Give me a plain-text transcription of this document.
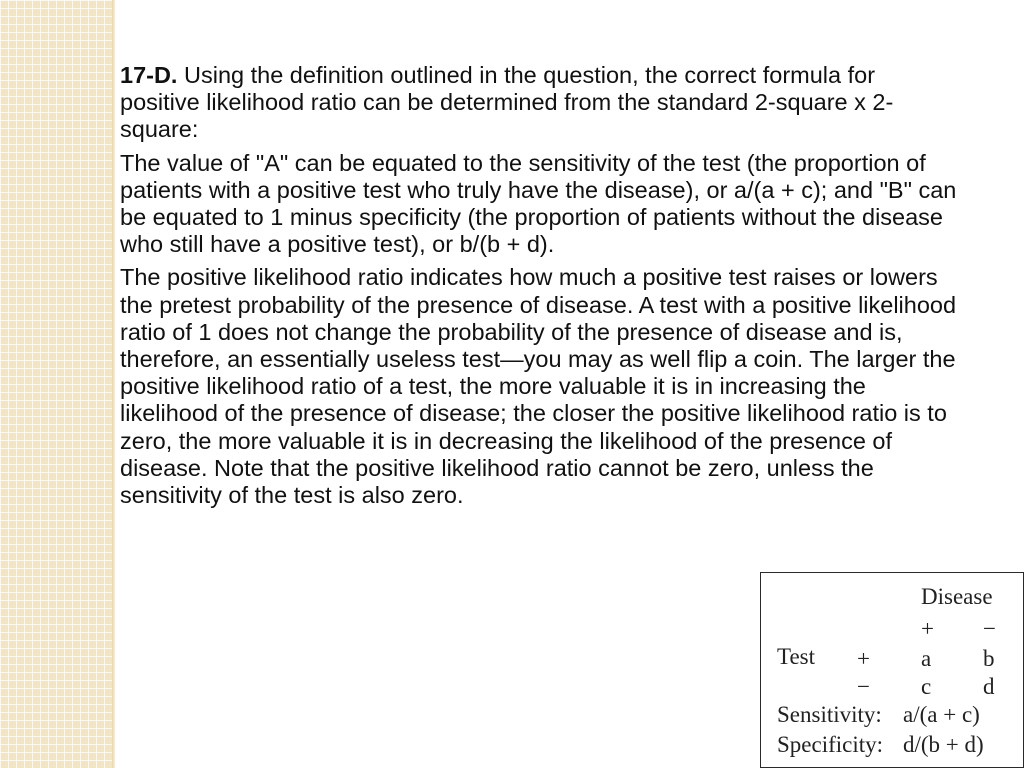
17-D. Using the definition outlined in the question, the correct formula for positive likelihood ratio can be determined from the standard 2-square x 2-square:

The value of "A" can be equated to the sensitivity of the test (the proportion of patients with a positive test who truly have the disease), or a/(a + c); and "B" can be equated to 1 minus specificity (the proportion of patients without the disease who still have a positive test), or b/(b + d).

The positive likelihood ratio indicates how much a positive test raises or lowers the pretest probability of the presence of disease. A test with a positive likelihood ratio of 1 does not change the probability of the presence of disease and is, therefore, an essentially useless test—you may as well flip a coin. The larger the positive likelihood ratio of a test, the more valuable it is in increasing the likelihood of the presence of disease; the closer the positive likelihood ratio is to zero, the more valuable it is in decreasing the likelihood of the presence of disease. Note that the positive likelihood ratio cannot be zero, unless the sensitivity of the test is also zero.

Disease
+ −
Test + a b
− c d
Sensitivity: a/(a + c)
Specificity: d/(b + d)
